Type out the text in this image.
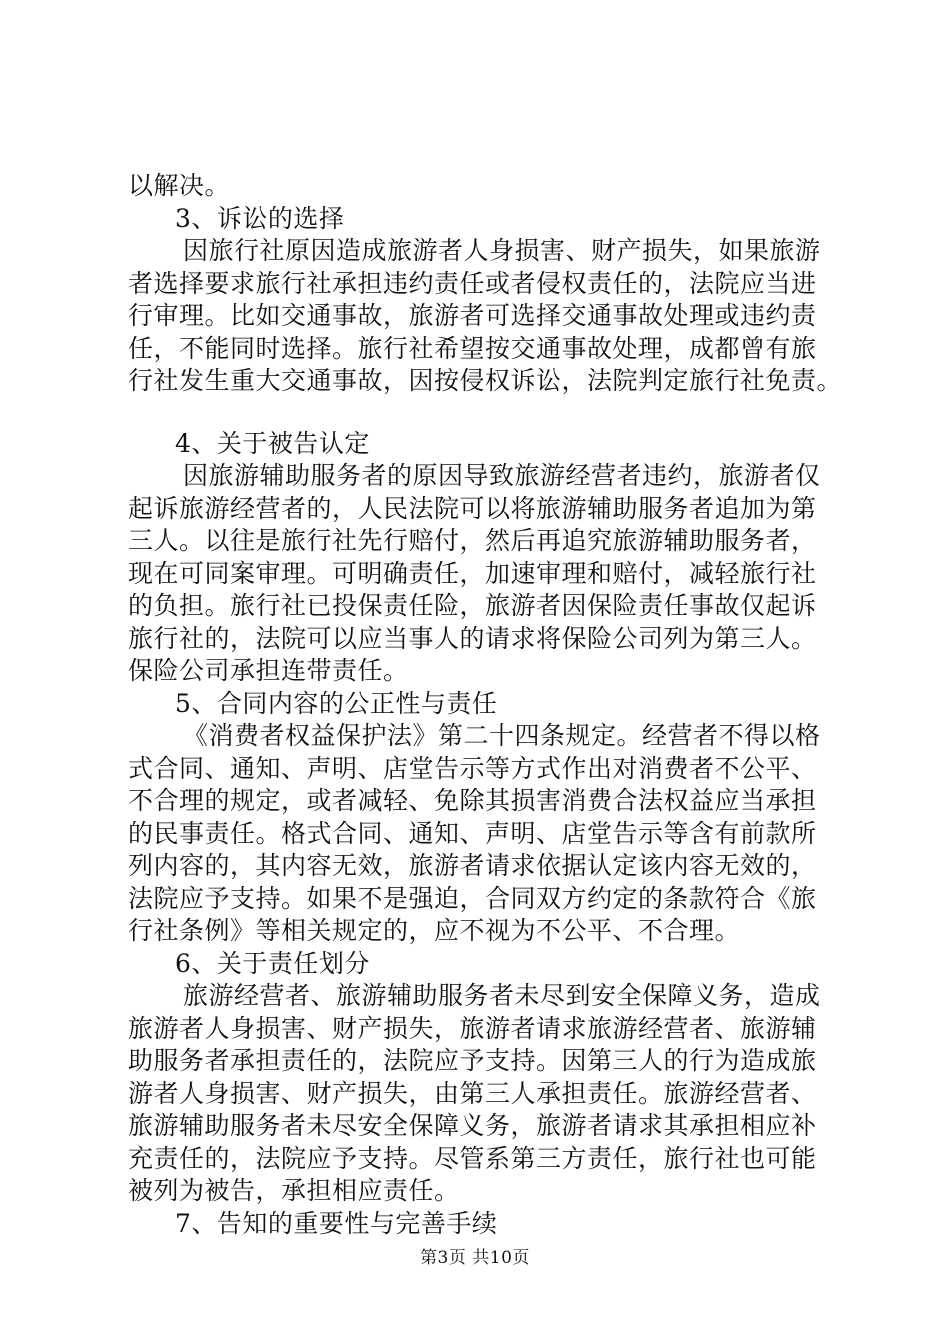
以解决。
3、诉讼的选择
因旅行社原因造成旅游者人身损害、财产损失，如果旅游
者选择要求旅行社承担违约责任或者侵权责任的，法院应当进
行审理。比如交通事故，旅游者可选择交通事故处理或违约责
任，不能同时选择。旅行社希望按交通事故处理，成都曾有旅
行社发生重大交通事故，因按侵权诉讼，法院判定旅行社免责。
4、关于被告认定
因旅游辅助服务者的原因导致旅游经营者违约，旅游者仅
起诉旅游经营者的，人民法院可以将旅游辅助服务者追加为第
三人。以往是旅行社先行赔付，然后再追究旅游辅助服务者，
现在可同案审理。可明确责任，加速审理和赔付，减轻旅行社
的负担。旅行社已投保责任险，旅游者因保险责任事故仅起诉
旅行社的，法院可以应当事人的请求将保险公司列为第三人。
保险公司承担连带责任。
5、合同内容的公正性与责任
《消费者权益保护法》第二十四条规定。经营者不得以格
式合同、通知、声明、店堂告示等方式作出对消费者不公平、
不合理的规定，或者减轻、免除其损害消费合法权益应当承担
的民事责任。格式合同、通知、声明、店堂告示等含有前款所
列内容的，其内容无效，旅游者请求依据认定该内容无效的，
法院应予支持。如果不是强迫，合同双方约定的条款符合《旅
行社条例》等相关规定的，应不视为不公平、不合理。
6、关于责任划分
旅游经营者、旅游辅助服务者未尽到安全保障义务，造成
旅游者人身损害、财产损失，旅游者请求旅游经营者、旅游辅
助服务者承担责任的，法院应予支持。因第三人的行为造成旅
游者人身损害、财产损失，由第三人承担责任。旅游经营者、
旅游辅助服务者未尽安全保障义务，旅游者请求其承担相应补
充责任的，法院应予支持。尽管系第三方责任，旅行社也可能
被列为被告，承担相应责任。
7、告知的重要性与完善手续
第3页 共10页
